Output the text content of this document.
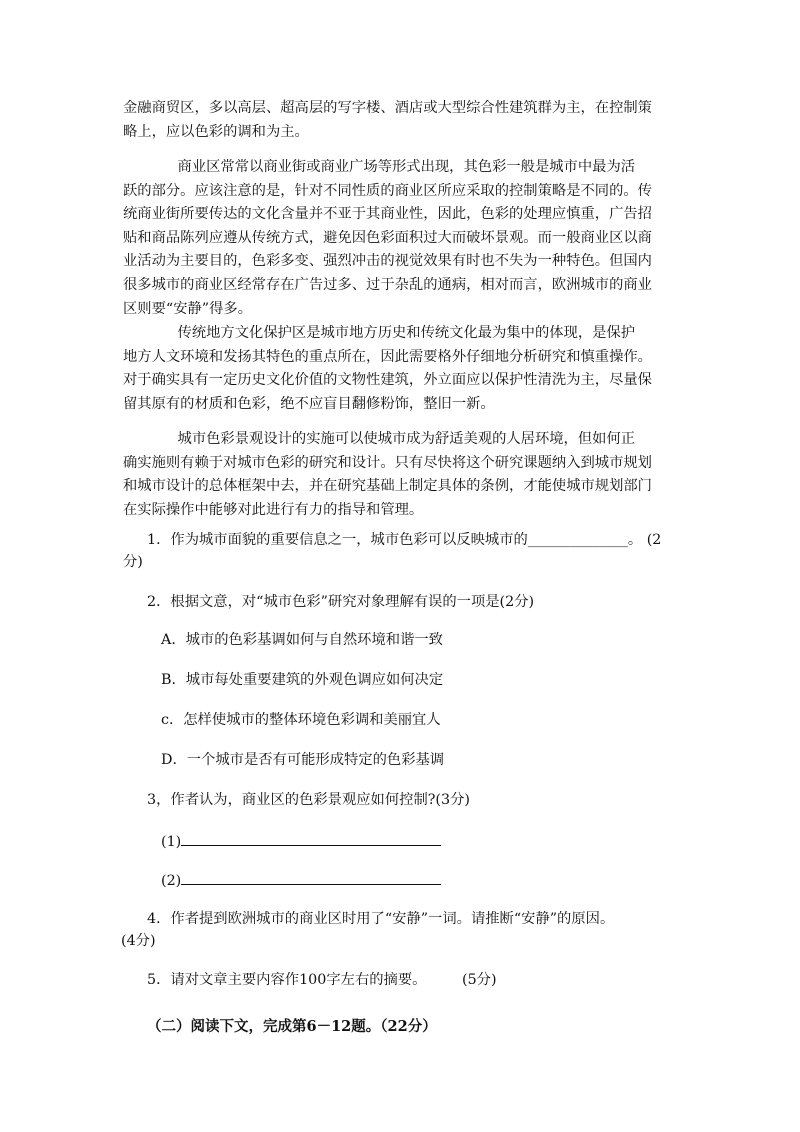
金融商贸区，多以高层、超高层的写字楼、酒店或大型综合性建筑群为主，在控制策
略上，应以色彩的调和为主。
商业区常常以商业街或商业广场等形式出现，其色彩一般是城市中最为活
跃的部分。应该注意的是，针对不同性质的商业区所应采取的控制策略是不同的。传
统商业街所要传达的文化含量并不亚于其商业性，因此，色彩的处理应慎重，广告招
贴和商品陈列应遵从传统方式，避免因色彩面积过大而破坏景观。而一般商业区以商
业活动为主要目的，色彩多变、强烈冲击的视觉效果有时也不失为一种特色。但国内
很多城市的商业区经常存在广告过多、过于杂乱的通病，相对而言，欧洲城市的商业
区则要“安静”得多。
传统地方文化保护区是城市地方历史和传统文化最为集中的体现，是保护
地方人文环境和发扬其特色的重点所在，因此需要格外仔细地分析研究和慎重操作。
对于确实具有一定历史文化价值的文物性建筑，外立面应以保护性清洗为主，尽量保
留其原有的材质和色彩，绝不应盲目翻修粉饰，整旧一新。
城市色彩景观设计的实施可以使城市成为舒适美观的人居环境，但如何正
确实施则有赖于对城市色彩的研究和设计。只有尽快将这个研究课题纳入到城市规划
和城市设计的总体框架中去，并在研究基础上制定具体的条例，才能使城市规划部门
在实际操作中能够对此进行有力的指导和管理。
1．作为城市面貌的重要信息之一，城市色彩可以反映城市的______________。 (2
分)
2．根据文意，对“城市色彩”研究对象理解有误的一项是(2分)
A．城市的色彩基调如何与自然环境和谐一致
B．城市每处重要建筑的外观色调应如何决定
c．怎样使城市的整体环境色彩调和美丽宜人
D．一个城市是否有可能形成特定的色彩基调
3，作者认为，商业区的色彩景观应如何控制?(3分)
(1)
(2)
4．作者提到欧洲城市的商业区时用了“安静”一词。请推断“安静”的原因。
(4分)
5．请对文章主要内容作100字左右的摘要。 (5分)
（二）阅读下文，完成第6－12题。（22分）
